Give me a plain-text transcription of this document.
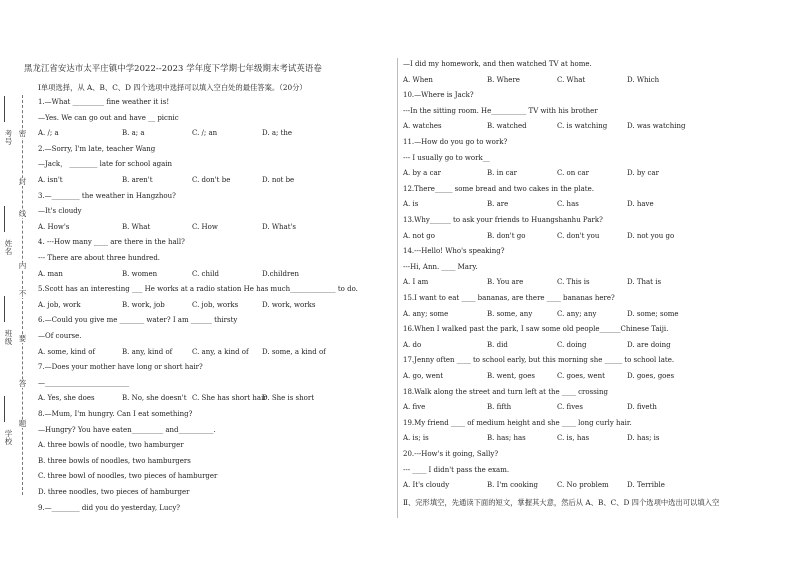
学校
班级
姓名
考号
密
封
线
内
不
要
答
题
黑龙江省安达市太平庄镇中学2022--2023 学年度下学期七年级期末考试英语卷
Ⅰ单项选择，从 A、B、C、D 四个选项中选择可以填入空白处的最佳答案。（20分）
1.—What _________ fine weather it is!
—Yes. We can go out and have __ picnic
A. /; a	B. a; a	C. /; an	D. a; the
2.—Sorry, I'm late, teacher Wang
—Jack， ________ late for school again
A. isn't	B. aren't	C. don't be	D. not be
3.—________ the weather in Hangzhou?
—It's cloudy
A. How's	B. What	C. How	D. What's
4. ---How many ____ are there in the hall?
--- There are about three hundred.
A. man	B. women	C. child	D.children
5.Scott has an interesting ___ He works at a radio station He has much_____________ to do.
A. job, work	B. work, job	C. job, works	D. work, works
6.—Could you give me _______ water? I am ______ thirsty
—Of course.
A. some, kind of	B. any, kind of	C. any, a kind of D. some, a kind of
7.—Does your mother have long or short hair?
—________________________
A. Yes, she does	B. No, she doesn't C. She has short hair
D. She is short
8.—Mum, I'm hungry. Can I eat something?
—Hungry? You have eaten_________ and__________.
A. three bowls of noodle, two hamburger
B. three bowls of noodles, two hamburgers
C. three bowl of noodles, two pieces of hamburger
D. three noodles, two pieces of hamburger
9.—________ did you do yesterday, Lucy?
—I did my homework, and then watched TV at home.
A. When	B. Where	C. What	D. Which
10.—Where is Jack?
---In the sitting room. He__________ TV with his brother
A. watches	B. watched	C. is watching	D. was watching
11.—How do you go to work?
--- I usually go to work__
A. by a car	B. in car	C. on car	D. by car
12.There_____ some bread and two cakes in the plate.
A. is	B. are	C. has	D. have
13.Why______ to ask your friends to Huangshanhu Park?
A. not go	B. don't go	C. don't you	D. not you go
14.---Hello! Who's speaking?
---Hi, Ann. ____ Mary.
A. I am	B. You are	C. This is	D. That is
15.I want to eat ____ bananas, are there ____ bananas here?
A. any; some	B. some, any	C. any; any	D. some; some
16.When I walked past the park, I saw some old people______Chinese Taiji.
A. do	B. did	C. doing	D. are doing
17.Jenny often ____ to school early, but this morning she _____ to school late.
A. go, went	B. went, goes	C. goes, went	D. goes, goes
18.Walk along the street and turn left at the ____ crossing
A. five	B. fifth	C. fives	D. fiveth
19.My friend ____ of medium height and she ____ long curly hair.
A. is; is	B. has; has	C. is, has	D. has; is
20.---How's it going, Sally?
--- ____ I didn't pass the exam.
A. It's cloudy	B. I'm cooking	C. No problem	D. Terrible
Ⅱ、完形填空，先通读下面的短文，掌握其大意，然后从 A、B、C、D 四个选项中选出可以填入空
